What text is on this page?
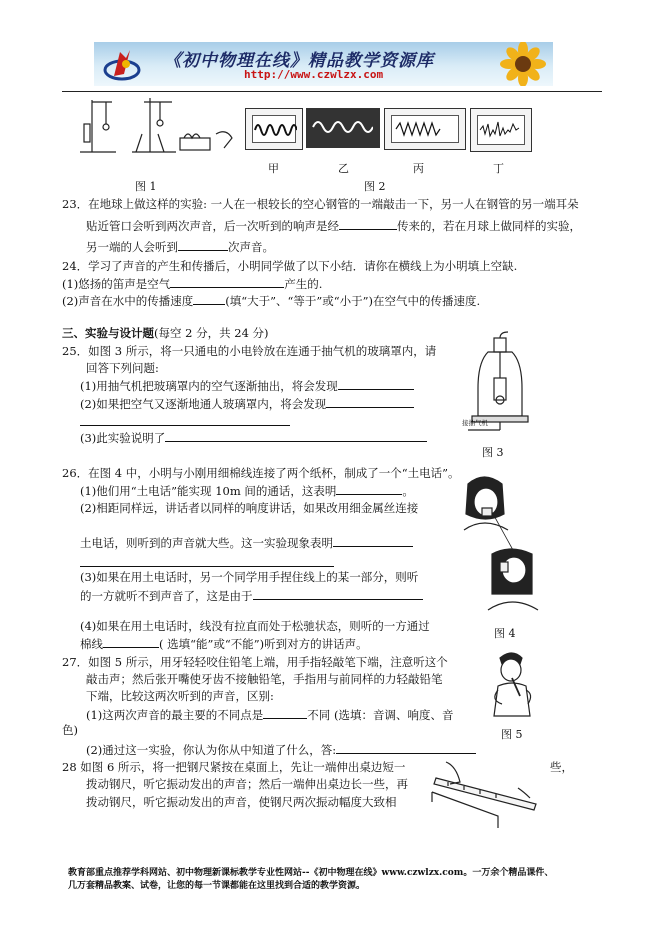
《初中物理在线》精品教学资源库
http://www.czwlzx.com
图 1
甲	乙	丙	丁
图 2
23．在地球上做这样的实验: 一人在一根较长的空心钢管的一端敲击一下，另一人在钢管的另一端耳朵
贴近管口会听到两次声音，后一次听到的响声是经	传来的，若在月球上做同样的实验，
另一端的人会听到	次声音。
24．学习了声音的产生和传播后，小明同学做了以下小结．请你在横线上为小明填上空缺.
(1)悠扬的笛声是空气	产生的.
(2)声音在水中的传播速度	(填“大于”、“等于”或“小于”)在空气中的传播速度.
三、实验与设计题(每空 2 分，共 24 分)
25．如图 3 所示，将一只通电的小电铃放在连通于抽气机的玻璃罩内，请
回答下列问题:
(1)用抽气机把玻璃罩内的空气逐渐抽出，将会发现
(2)如果把空气又逐渐地通人玻璃罩内，将会发现
(3)此实验说明了
接抽气机
图 3
26．在图 4 中，小明与小刚用细棉线连接了两个纸杯，制成了一个“土电话”。
(1)他们用“土电话”能实现 10m 间的通话，这表明	。
(2)相距同样远，讲话者以同样的响度讲话，如果改用细金属丝连接
土电话，则听到的声音就大些。这一实验现象表明
(3)如果在用土电话时，另一个同学用手捏住线上的某一部分，则听
的一方就听不到声音了，这是由于
(4)如果在用土电话时，线没有拉直而处于松驰状态，则听的一方通过
棉线	( 选填“能”或“不能”)听到对方的讲话声。
图 4
27．如图 5 所示，用牙轻轻咬住铅笔上端，用手指轻敲笔下端，注意听这个
敲击声；然后张开嘴使牙齿不接触铅笔，手指用与前同样的力轻敲铅笔
下端，比较这两次听到的声音，区别:
(1)这两次声音的最主要的不同点是	不同 (选填：音调、响度、音
色)
(2)通过这一实验，你认为你从中知道了什么，答:
图 5
28 如图 6 所示，将一把钢尺紧按在桌面上，先让一端伸出桌边短一	些，
拨动钢尺，听它振动发出的声音；然后一端伸出桌边长一些，再
拨动钢尺，听它振动发出的声音，使钢尺两次振动幅度大致相
教育部重点推荐学科网站、初中物理新课标教学专业性网站--《初中物理在线》www.czwlzx.com。一万余个精品课件、
几万套精品教案、试卷，让您的每一节课都能在这里找到合适的教学资源。
